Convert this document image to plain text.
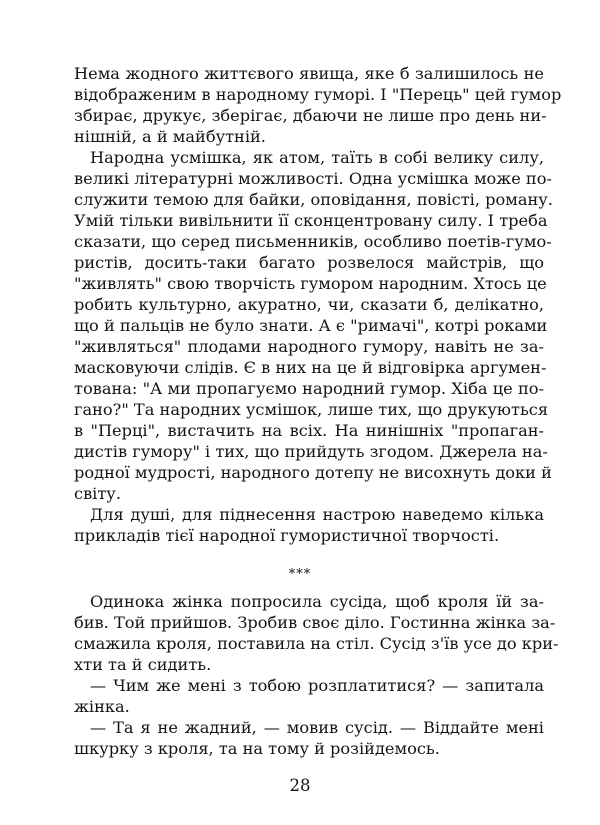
Нема жодного життєвого явища, яке б залишилось не
відображеним в народному гуморі. І "Перець" цей гумор
збирає, друкує, зберігає, дбаючи не лише про день ни-
нішній, а й майбутній.
Народна усмішка, як атом, таїть в собі велику силу,
великі літературні можливості. Одна усмішка може по-
служити темою для байки, оповідання, повісті, роману.
Умій тільки вивільнити її сконцентровану силу. І треба
сказати, що серед письменників, особливо поетів-гумо-
ристів, досить-таки багато розвелося майстрів, що
"живлять" свою творчість гумором народним. Хтось це
робить культурно, акуратно, чи, сказати б, делікатно,
що й пальців не було знати. А є "римачі", котрі роками
"живляться" плодами народного гумору, навіть не за-
масковуючи слідів. Є в них на це й відговірка аргумен-
тована: "А ми пропагуємо народний гумор. Хіба це по-
гано?" Та народних усмішок, лише тих, що друкуються
в "Перці", вистачить на всіх. На нинішніх "пропаган-
дистів гумору" і тих, що прийдуть згодом. Джерела на-
родної мудрості, народного дотепу не висохнуть доки й
світу.
Для душі, для піднесення настрою наведемо кілька
прикладів тієї народної гумористичної творчості.
***
Одинока жінка попросила сусіда, щоб кроля їй за-
бив. Той прийшов. Зробив своє діло. Гостинна жінка за-
смажила кроля, поставила на стіл. Сусід з'їв усе до кри-
хти та й сидить.
— Чим же мені з тобою розплатитися? — запитала
жінка.
— Та я не жадний, — мовив сусід. — Віддайте мені
шкурку з кроля, та на тому й розійдемось.
28
